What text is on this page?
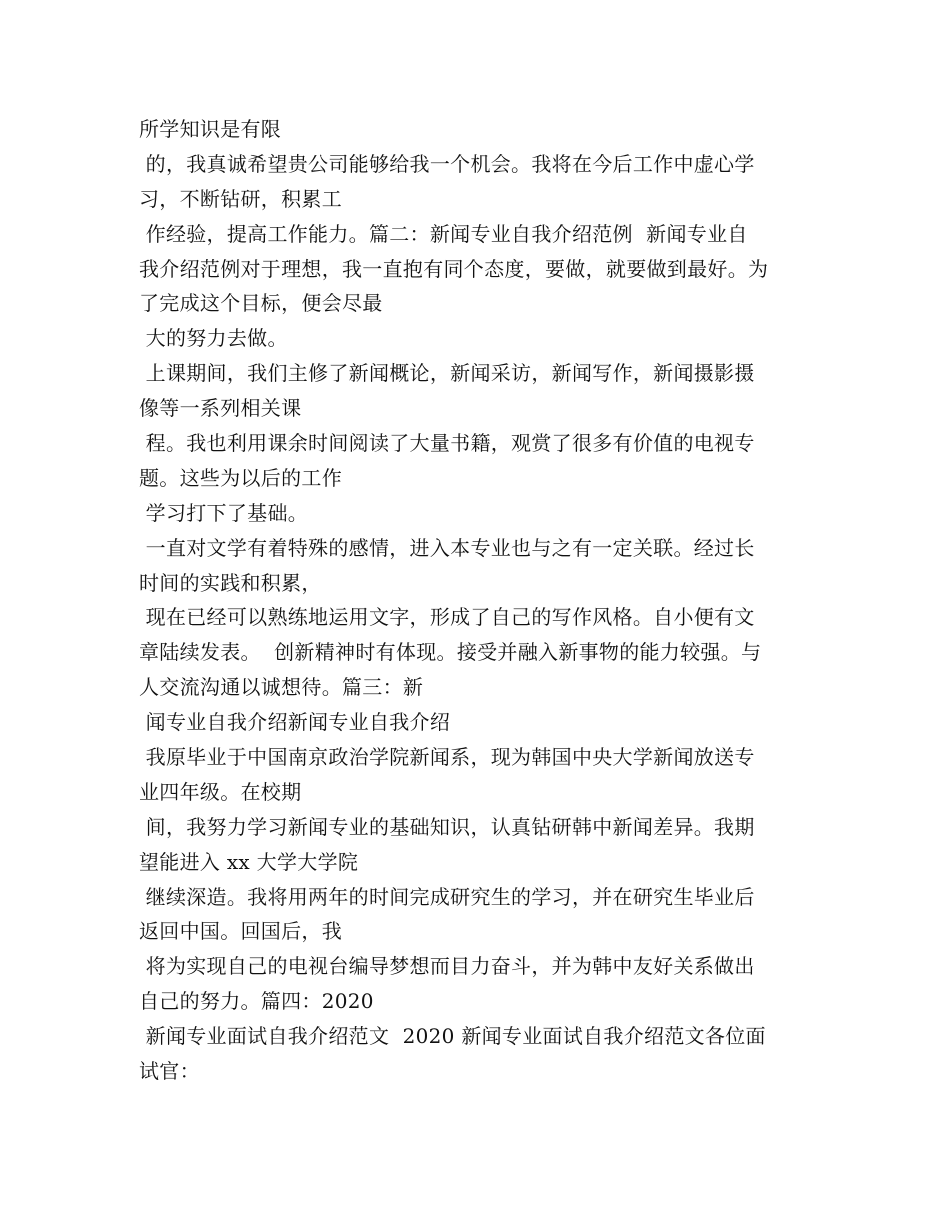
所学知识是有限
的，我真诚希望贵公司能够给我一个机会。我将在今后工作中虚心学
习，不断钻研，积累工
作经验，提高工作能力。篇二：新闻专业自我介绍范例  新闻专业自
我介绍范例对于理想，我一直抱有同个态度，要做，就要做到最好。为
了完成这个目标，便会尽最
大的努力去做。
上课期间，我们主修了新闻概论，新闻采访，新闻写作，新闻摄影摄
像等一系列相关课
程。我也利用课余时间阅读了大量书籍，观赏了很多有价值的电视专
题。这些为以后的工作
学习打下了基础。
一直对文学有着特殊的感情，进入本专业也与之有一定关联。经过长
时间的实践和积累，
现在已经可以熟练地运用文字，形成了自己的写作风格。自小便有文
章陆续发表。  创新精神时有体现。接受并融入新事物的能力较强。与
人交流沟通以诚想待。篇三：新
闻专业自我介绍新闻专业自我介绍
我原毕业于中国南京政治学院新闻系，现为韩国中央大学新闻放送专
业四年级。在校期
间，我努力学习新闻专业的基础知识，认真钻研韩中新闻差异。我期
望能进入 xx 大学大学院
继续深造。我将用两年的时间完成研究生的学习，并在研究生毕业后
返回中国。回国后，我
将为实现自己的电视台编导梦想而目力奋斗，并为韩中友好关系做出
自己的努力。篇四：2020
新闻专业面试自我介绍范文  2020 新闻专业面试自我介绍范文各位面
试官：
